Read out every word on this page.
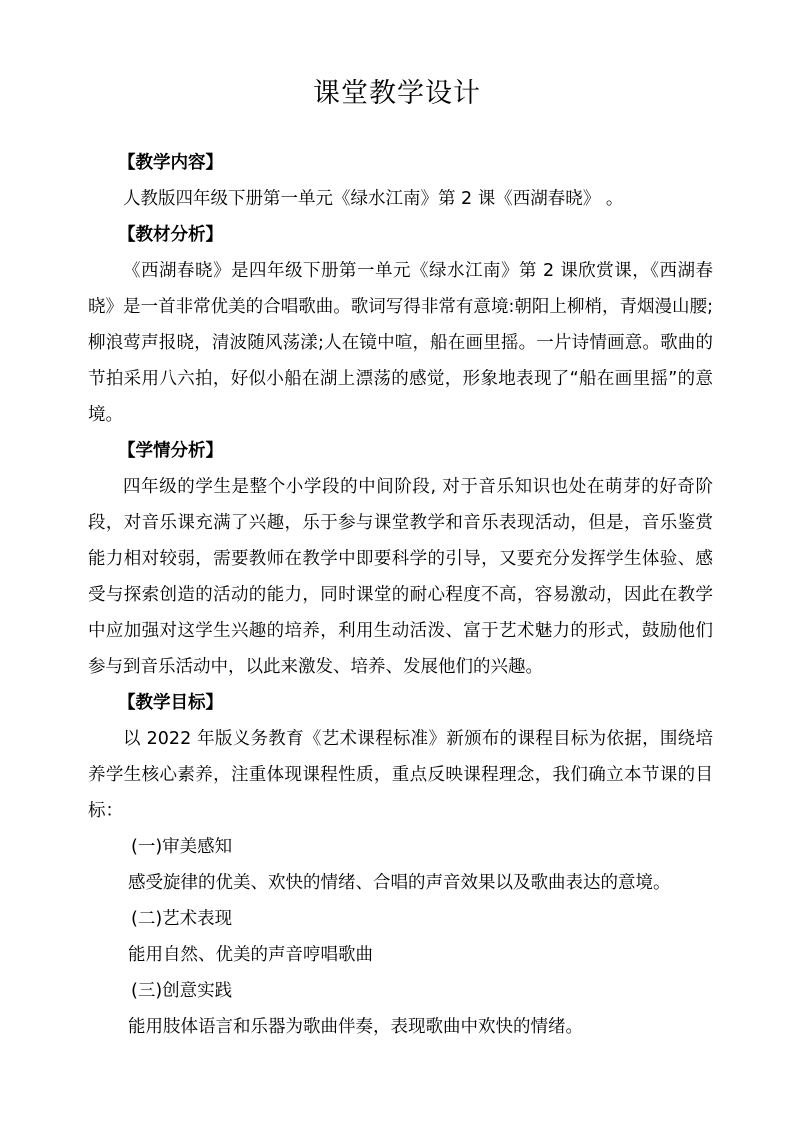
课堂教学设计

【教学内容】

人教版四年级下册第一单元《绿水江南》第 2 课《西湖春晓》 。

【教材分析】

《西湖春晓》是四年级下册第一单元《绿水江南》第 2 课欣赏课，《西湖春晓》是一首非常优美的合唱歌曲。歌词写得非常有意境:朝阳上柳梢，青烟漫山腰;柳浪莺声报晓，清波随风荡漾;人在镜中喧，船在画里摇。一片诗情画意。歌曲的节拍采用八六拍，好似小船在湖上漂荡的感觉，形象地表现了“船在画里摇”的意境。

【学情分析】

四年级的学生是整个小学段的中间阶段, 对于音乐知识也处在萌芽的好奇阶段，对音乐课充满了兴趣，乐于参与课堂教学和音乐表现活动，但是，音乐鉴赏能力相对较弱，需要教师在教学中即要科学的引导，又要充分发挥学生体验、感受与探索创造的活动的能力，同时课堂的耐心程度不高，容易激动，因此在教学中应加强对这学生兴趣的培养，利用生动活泼、富于艺术魅力的形式，鼓励他们参与到音乐活动中，以此来激发、培养、发展他们的兴趣。

【教学目标】

以 2022 年版义务教育《艺术课程标准》新颁布的课程目标为依据，围绕培养学生核心素养，注重体现课程性质，重点反映课程理念，我们确立本节课的目标：

(一)审美感知

感受旋律的优美、欢快的情绪、合唱的声音效果以及歌曲表达的意境。

(二)艺术表现

能用自然、优美的声音哼唱歌曲

(三)创意实践

能用肢体语言和乐器为歌曲伴奏，表现歌曲中欢快的情绪。
